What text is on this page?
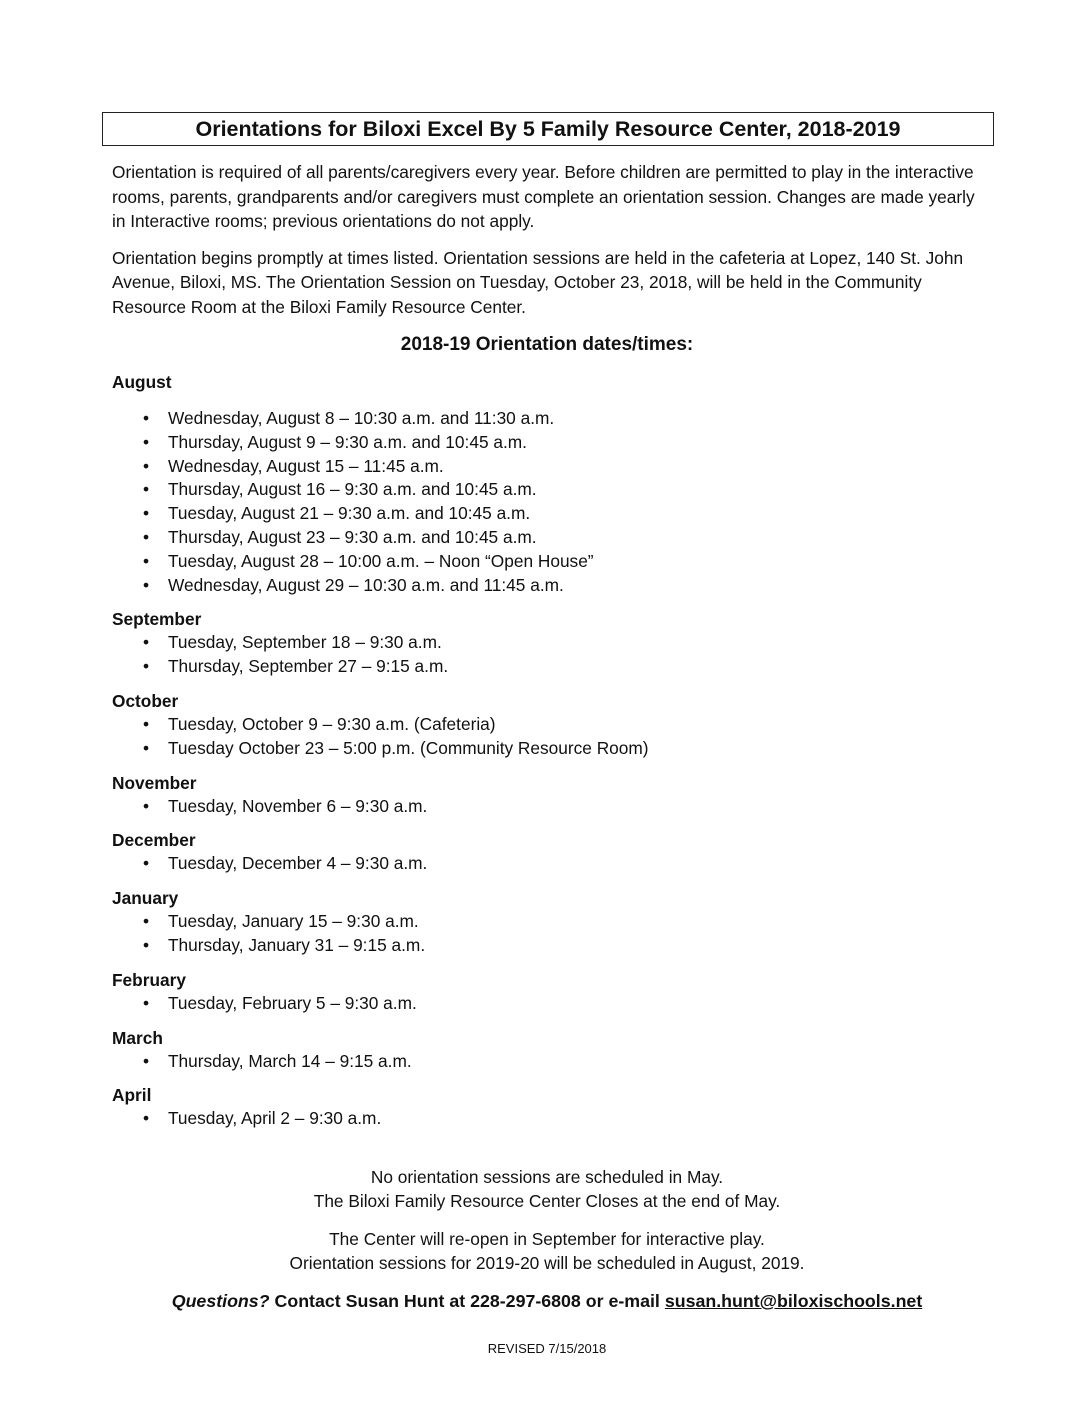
Orientations for Biloxi Excel By 5 Family Resource Center, 2018-2019

Orientation is required of all parents/caregivers every year. Before children are permitted to play in the interactive rooms, parents, grandparents and/or caregivers must complete an orientation session. Changes are made yearly in Interactive rooms; previous orientations do not apply.

Orientation begins promptly at times listed. Orientation sessions are held in the cafeteria at Lopez, 140 St. John Avenue, Biloxi, MS. The Orientation Session on Tuesday, October 23, 2018, will be held in the Community Resource Room at the Biloxi Family Resource Center.

2018-19 Orientation dates/times:
August
• Wednesday, August 8 – 10:30 a.m. and 11:30 a.m.
• Thursday, August 9 – 9:30 a.m. and 10:45 a.m.
• Wednesday, August 15 – 11:45 a.m.
• Thursday, August 16 – 9:30 a.m. and 10:45 a.m.
• Tuesday, August 21 – 9:30 a.m. and 10:45 a.m.
• Thursday, August 23 – 9:30 a.m. and 10:45 a.m.
• Tuesday, August 28 – 10:00 a.m. – Noon “Open House”
• Wednesday, August 29 – 10:30 a.m. and 11:45 a.m.
September
• Tuesday, September 18 – 9:30 a.m.
• Thursday, September 27 – 9:15 a.m.
October
• Tuesday, October 9 – 9:30 a.m. (Cafeteria)
• Tuesday October 23 – 5:00 p.m. (Community Resource Room)
November
• Tuesday, November 6 – 9:30 a.m.
December
• Tuesday, December 4 – 9:30 a.m.
January
• Tuesday, January 15 – 9:30 a.m.
• Thursday, January 31 – 9:15 a.m.
February
• Tuesday, February 5 – 9:30 a.m.
March
• Thursday, March 14 – 9:15 a.m.
April
• Tuesday, April 2 – 9:30 a.m.

No orientation sessions are scheduled in May.

The Biloxi Family Resource Center Closes at the end of May.

The Center will re-open in September for interactive play.

Orientation sessions for 2019-20 will be scheduled in August, 2019.

Questions? Contact Susan Hunt at 228-297-6808 or e-mail susan.hunt@biloxischools.net
REVISED 7/15/2018
